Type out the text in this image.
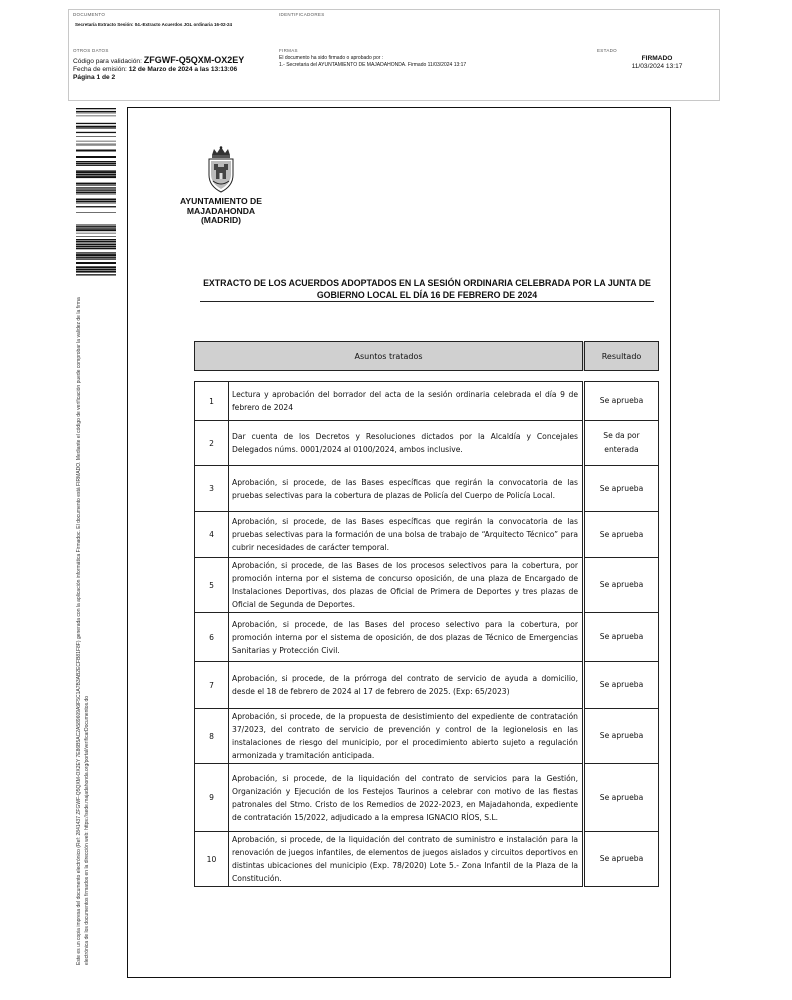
DOCUMENTO
Secretaría Extracto Sesión: 04.-Extracto Acuerdos JGL ordinaria 16-02-24
IDENTIFICADORES
OTROS DATOS
Código para validación: ZFGWF-Q5QXM-OX2EY
Fecha de emisión: 12 de Marzo de 2024 a las 13:13:06
Página 1 de 2
FIRMAS
El documento ha sido firmado o aprobado por :
1.- Secretaria del AYUNTAMIENTO DE MAJADAHONDA. Firmado 11/03/2024 13:17
ESTADO
FIRMADO
11/03/2024 13:17
Este es un copia impresa del documento electrónico (Ref: 2841437 ZFGWF-Q5QXM-OX2EY 7E86B5AC2A589609A9F5C1A7B3AB2ECFB81F8F) generada con la aplicación informática Firmadoc. El documento está FIRMADO. Mediante el código de verificación puede comprobar la validez de la firma electrónica de los documentos firmados en la dirección web: https://sede.majadahonda.org/portal/verificarDocumentos.do
AYUNTAMIENTO DE
MAJADAHONDA
(MADRID)
EXTRACTO DE LOS ACUERDOS ADOPTADOS EN LA SESIÓN ORDINARIA CELEBRADA POR LA JUNTA DE GOBIERNO LOCAL EL DÍA 16 DE FEBRERO DE 2024
Asuntos tratados		Resultado

1	Lectura y aprobación del borrador del acta de la sesión ordinaria celebrada el día 9 de febrero de 2024	Se aprueba
2	Dar cuenta de los Decretos y Resoluciones dictados por la Alcaldía y Concejales Delegados núms. 0001/2024 al 0100/2024, ambos inclusive.	Se da por enterada
3	Aprobación, si procede, de las Bases específicas que regirán la convocatoria de las pruebas selectivas para la cobertura de plazas de Policía del Cuerpo de Policía Local.	Se aprueba
4	Aprobación, si procede, de las Bases específicas que regirán la convocatoria de las pruebas selectivas para la formación de una bolsa de trabajo de “Arquitecto Técnico” para cubrir necesidades de carácter temporal.	Se aprueba
5	Aprobación, si procede, de las Bases de los procesos selectivos para la cobertura, por promoción interna por el sistema de concurso oposición, de una plaza de Encargado de Instalaciones Deportivas, dos plazas de Oficial de Primera de Deportes y tres plazas de Oficial de Segunda de Deportes.	Se aprueba
6	Aprobación, si procede, de las Bases del proceso selectivo para la cobertura, por promoción interna por el sistema de oposición, de dos plazas de Técnico de Emergencias Sanitarias y Protección Civil.	Se aprueba
7	Aprobación, si procede, de la prórroga del contrato de servicio de ayuda a domicilio, desde el 18 de febrero de 2024 al 17 de febrero de 2025. (Exp: 65/2023)	Se aprueba
8	Aprobación, si procede, de la propuesta de desistimiento del expediente de contratación 37/2023, del contrato de servicio de prevención y control de la legionelosis en las instalaciones de riesgo del municipio, por el procedimiento abierto sujeto a regulación armonizada y tramitación anticipada.	Se aprueba
9	Aprobación, si procede, de la liquidación del contrato de servicios para la Gestión, Organización y Ejecución de los Festejos Taurinos a celebrar con motivo de las fiestas patronales del Stmo. Cristo de los Remedios de 2022-2023, en Majadahonda, expediente de contratación 15/2022, adjudicado a la empresa IGNACIO RÍOS, S.L.	Se aprueba
10	Aprobación, si procede, de la liquidación del contrato de suministro e instalación para la renovación de juegos infantiles, de elementos de juegos aislados y circuitos deportivos en distintas ubicaciones del municipio (Exp. 78/2020) Lote 5.- Zona Infantil de la Plaza de la Constitución.	Se aprueba
